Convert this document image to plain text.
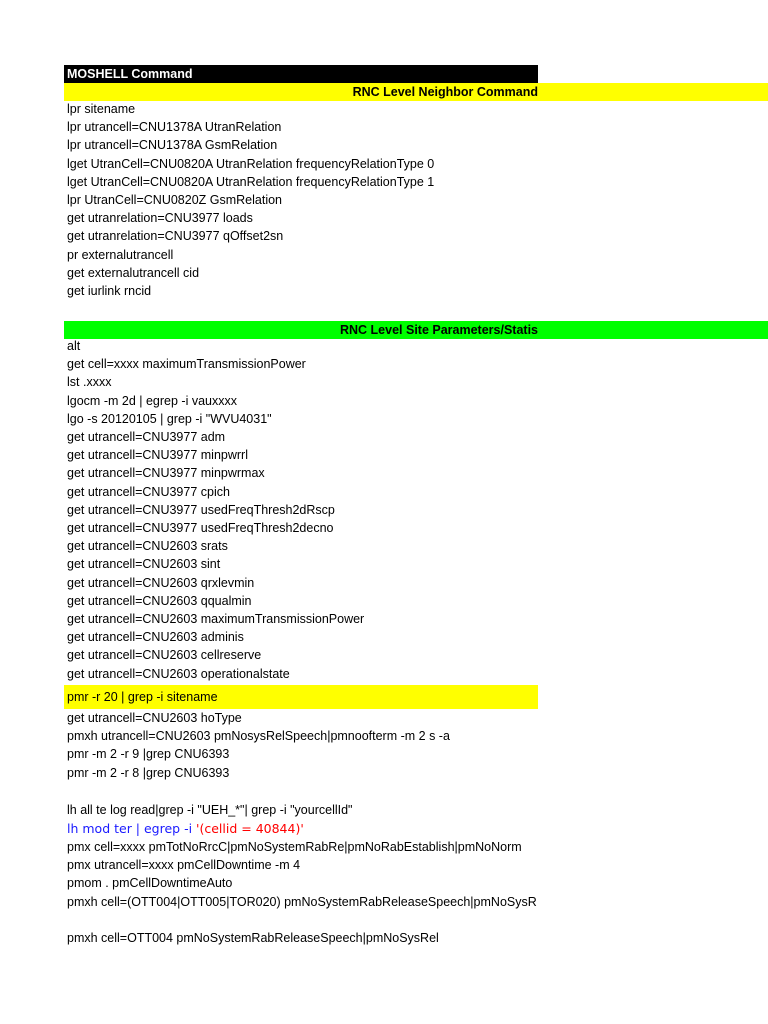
MOSHELL Command
RNC Level Neighbor Command
lpr sitename
lpr utrancell=CNU1378A UtranRelation
lpr utrancell=CNU1378A GsmRelation
lget UtranCell=CNU0820A UtranRelation frequencyRelationType 0
lget UtranCell=CNU0820A UtranRelation frequencyRelationType 1
lpr UtranCell=CNU0820Z GsmRelation
get utranrelation=CNU3977 loads
get utranrelation=CNU3977 qOffset2sn
pr externalutrancell
get externalutrancell cid
get iurlink rncid
RNC Level Site Parameters/Statis
alt
get cell=xxxx maximumTransmissionPower
lst .xxxx
lgocm -m 2d | egrep -i vauxxxx
lgo -s 20120105 | grep -i "WVU4031"
get utrancell=CNU3977 adm
get utrancell=CNU3977 minpwrrl
get utrancell=CNU3977 minpwrmax
get utrancell=CNU3977 cpich
get utrancell=CNU3977 usedFreqThresh2dRscp
get utrancell=CNU3977 usedFreqThresh2decno
get utrancell=CNU2603 srats
get utrancell=CNU2603 sint
get utrancell=CNU2603 qrxlevmin
get utrancell=CNU2603 qqualmin
get utrancell=CNU2603 maximumTransmissionPower
get utrancell=CNU2603 adminis
get utrancell=CNU2603 cellreserve
get utrancell=CNU2603 operationalstate
pmr -r 20 | grep -i sitename
get utrancell=CNU2603 hoType
pmxh utrancell=CNU2603 pmNosysRelSpeech|pmnoofterm -m 2 s -a
pmr -m 2 -r 9 |grep CNU6393
pmr -m 2 -r 8 |grep CNU6393
lh all te log read|grep -i "UEH_*"| grep -i "yourcellId"
lh mod ter | egrep -i '(cellid = 40844)'
pmx cell=xxxx pmTotNoRrcC|pmNoSystemRabRe|pmNoRabEstablish|pmNoNorm
pmx utrancell=xxxx pmCellDowntime -m 4
pmom . pmCellDowntimeAuto
pmxh cell=(OTT004|OTT005|TOR020) pmNoSystemRabReleaseSpeech|pmNoSysR
pmxh cell=OTT004 pmNoSystemRabReleaseSpeech|pmNoSysRel
